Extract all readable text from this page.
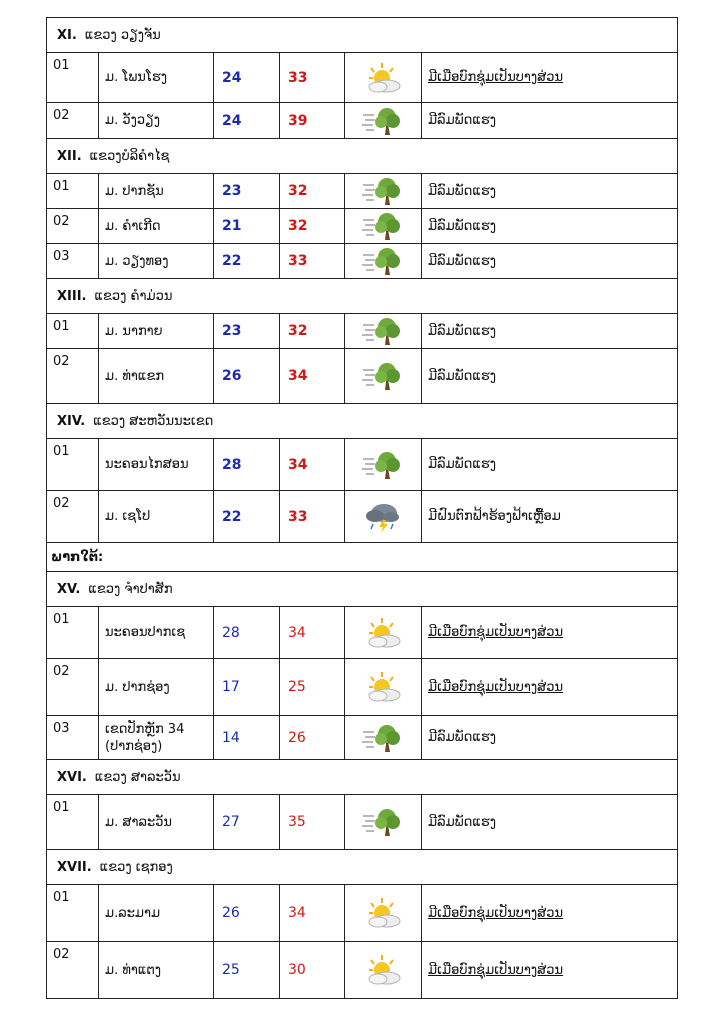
XI. ແຂວງ ວຽງຈັນ					
01	ມ. ໂພນໂຮງ	24	33		ມີເມືອບົກຊຸ່ມເປັນບາງສ່ວນ
02	ມ. ວັງວຽງ	24	39		ມີລົມພັດແຮງ
XII. ແຂວງບໍລິຄຳໄຊ					
01	ມ. ປາກຊັນ	23	32		ມີລົມພັດແຮງ
02	ມ. ຄຳເກີດ	21	32		ມີລົມພັດແຮງ
03	ມ. ວຽງທອງ	22	33		ມີລົມພັດແຮງ
XIII. ແຂວງ ຄຳມ່ວນ					
01	ມ. ນາກາຍ	23	32		ມີລົມພັດແຮງ
02	ມ. ທ່າແຂກ	26	34		ມີລົມພັດແຮງ
XIV. ແຂວງ ສະຫວັນນະເຂດ					
01	ນະຄອນໄກສອນ	28	34		ມີລົມພັດແຮງ
02	ມ. ເຊໂປ	22	33		ມີຝົນຕົກຟ້າຮ້ອງຟ້າເຫຼື້ອມ
ພາກໃຕ້:					
XV. ແຂວງ ຈຳປາສັກ					
01	ນະຄອນປາກເຊ	28	34		ມີເມືອບົກຊຸ່ມເປັນບາງສ່ວນ
02	ມ. ປາກຊ່ອງ	17	25		ມີເມືອບົກຊຸ່ມເປັນບາງສ່ວນ
03	ເຂດປັກຫຼັກ 34 (ປາກຊ່ອງ)	14	26		ມີລົມພັດແຮງ
XVI. ແຂວງ ສາລະວັນ					
01	ມ. ສາລະວັນ	27	35		ມີລົມພັດແຮງ
XVII. ແຂວງ ເຊກອງ					
01	ມ.ລະມາມ	26	34		ມີເມືອບົກຊຸ່ມເປັນບາງສ່ວນ
02	ມ. ທ່າແຕງ	25	30		ມີເມືອບົກຊຸ່ມເປັນບາງສ່ວນ
